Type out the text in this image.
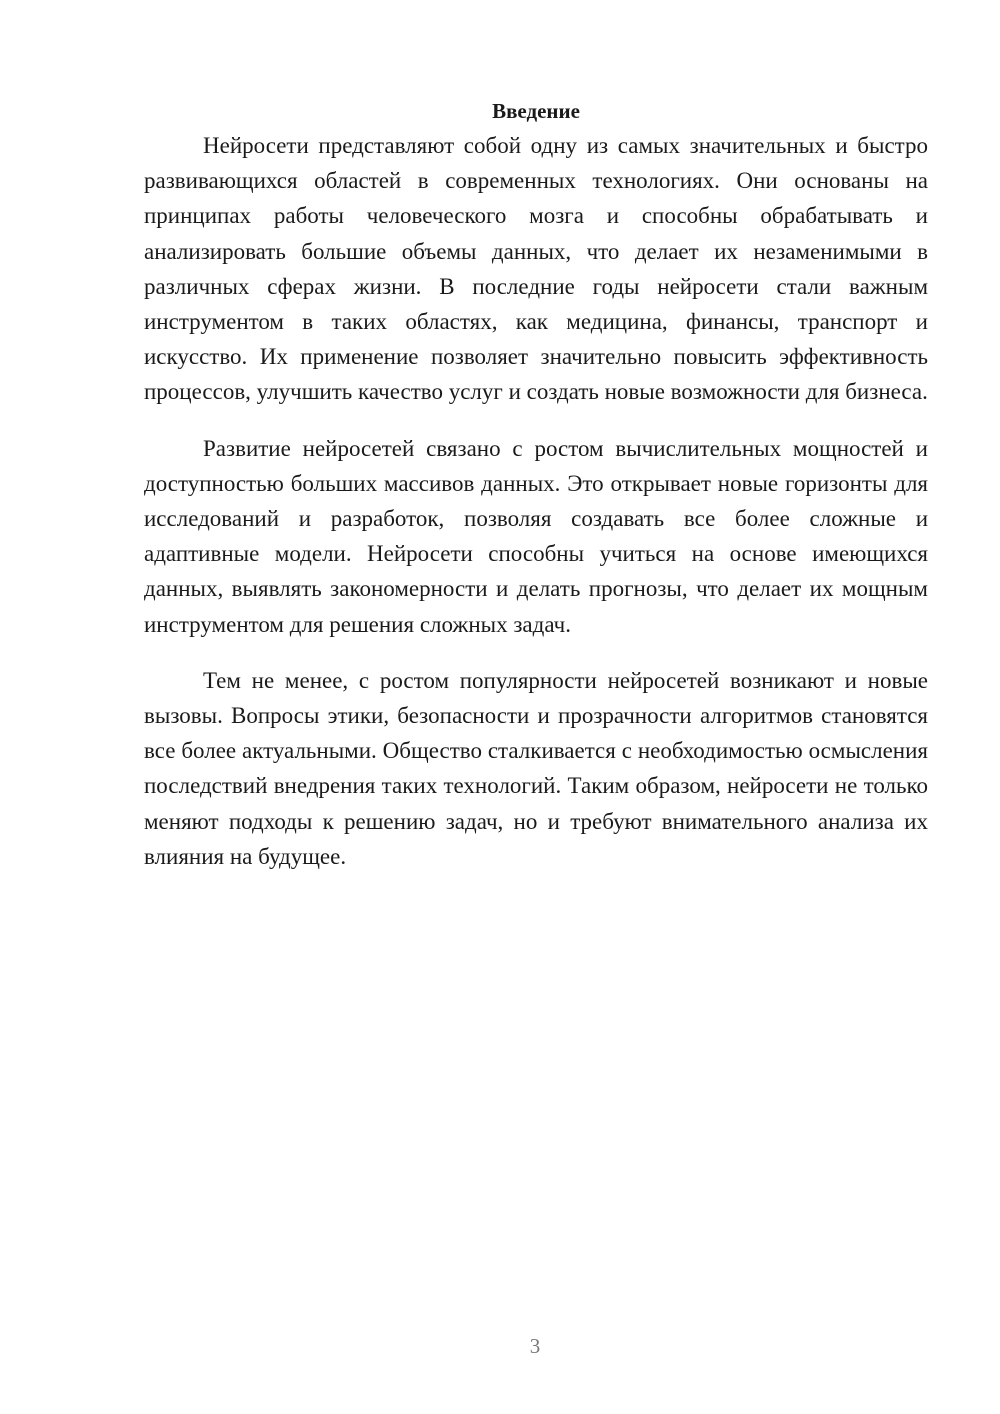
Введение

Нейросети представляют собой одну из самых значительных и быстро развивающихся областей в современных технологиях. Они основаны на принципах работы человеческого мозга и способны обрабатывать и анализировать большие объемы данных, что делает их незаменимыми в различных сферах жизни. В последние годы нейросети стали важным инструментом в таких областях, как медицина, финансы, транспорт и искусство. Их применение позволяет значительно повысить эффективность процессов, улучшить качество услуг и создать новые возможности для бизнеса.

Развитие нейросетей связано с ростом вычислительных мощностей и доступностью больших массивов данных. Это открывает новые горизонты для исследований и разработок, позволяя создавать все более сложные и адаптивные модели. Нейросети способны учиться на основе имеющихся данных, выявлять закономерности и делать прогнозы, что делает их мощным инструментом для решения сложных задач.

Тем не менее, с ростом популярности нейросетей возникают и новые вызовы. Вопросы этики, безопасности и прозрачности алгоритмов становятся все более актуальными. Общество сталкивается с необходимостью осмысления последствий внедрения таких технологий. Таким образом, нейросети не только меняют подходы к решению задач, но и требуют внимательного анализа их влияния на будущее.

3
